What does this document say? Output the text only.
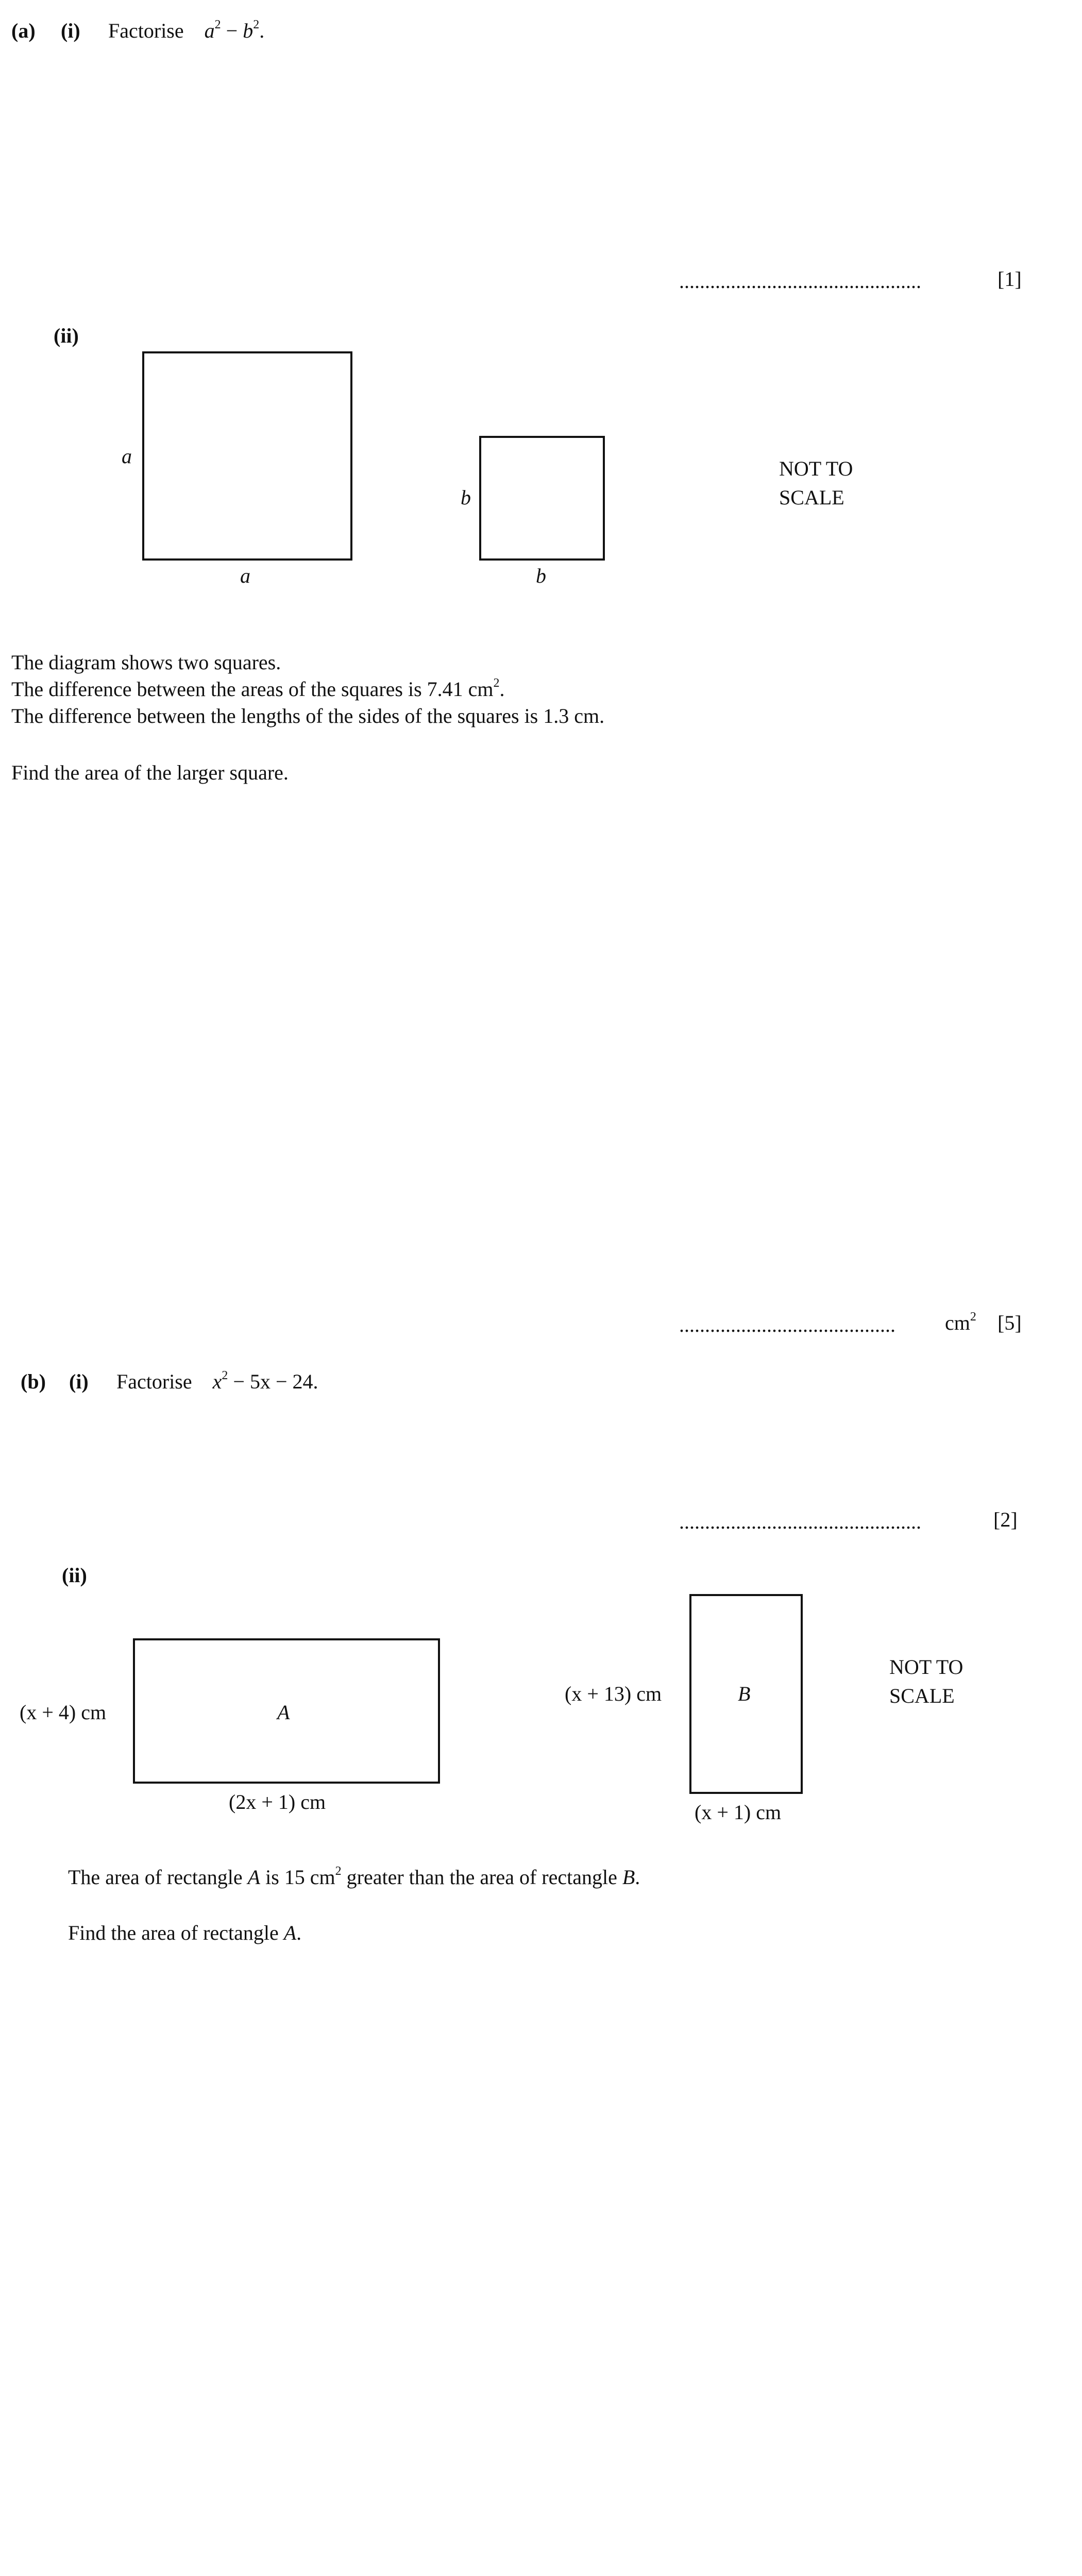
(a) (i) Factorise $a^2 - b^2$.
...............................................	[1]
(ii)
a
a
b
b
NOT TO
SCALE
The diagram shows two squares.
The difference between the areas of the squares is 7.41 $cm^2$.
The difference between the lengths of the sides of the squares is 1.3 cm.
Find the area of the larger square.
.......................................... $cm^2$ [5]
(b) (i) Factorise $x^2 - 5x - 24$.
...............................................	[2]
(ii)
A
(x + 4) cm
(2x + 1) cm
B
(x + 13) cm
(x + 1) cm
NOT TO
SCALE
The area of rectangle A is 15 $cm^2$ greater than the area of rectangle B.
Find the area of rectangle A.
